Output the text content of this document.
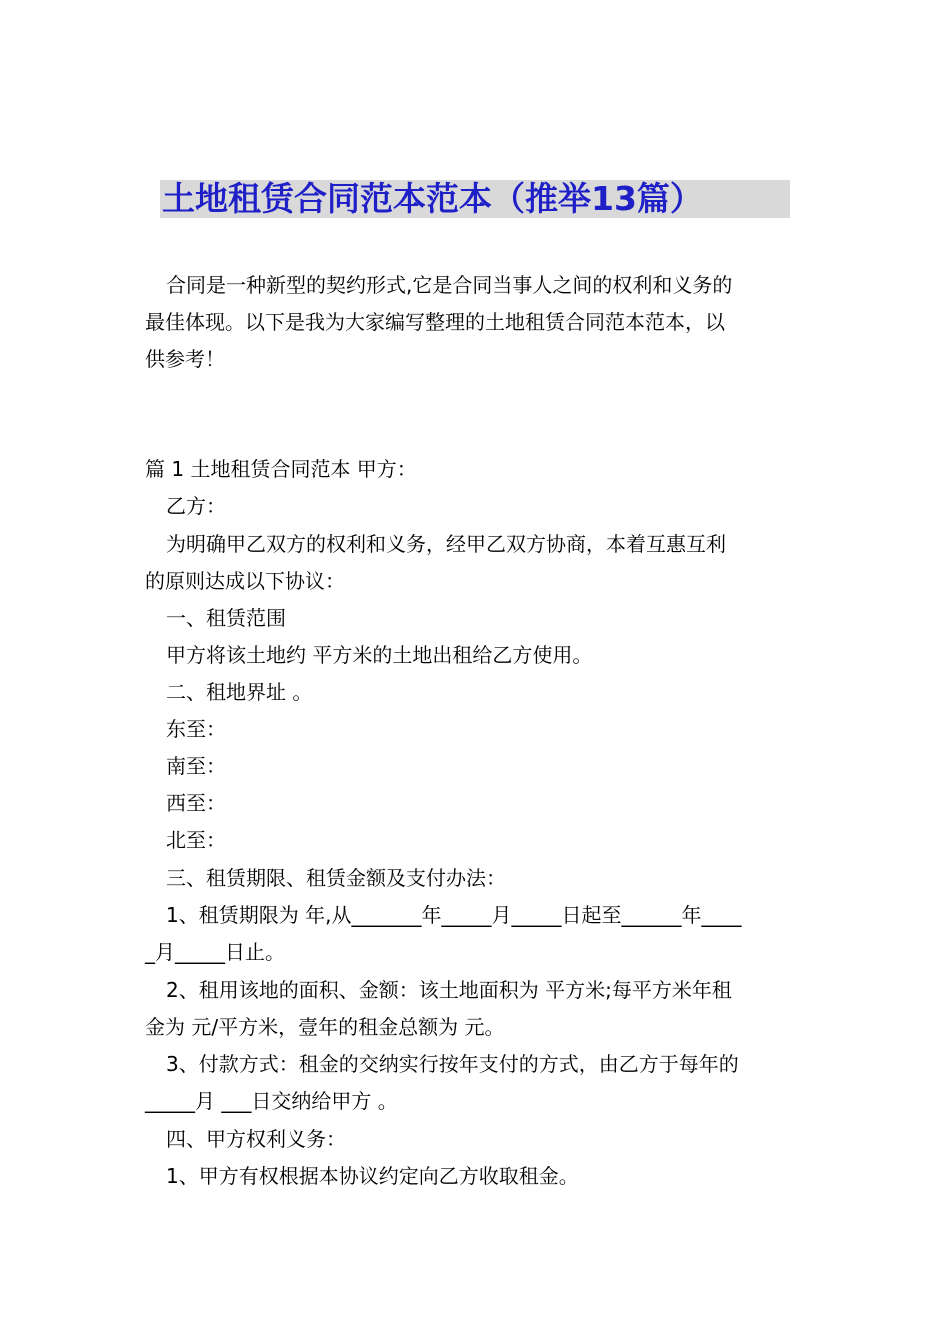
土地租赁合同范本范本（推举13篇）
合同是一种新型的契约形式,它是合同当事人之间的权利和义务的
最佳体现。以下是我为大家编写整理的土地租赁合同范本范本，以
供参考！
篇 1 土地租赁合同范本 甲方：
乙方：
为明确甲乙双方的权利和义务，经甲乙双方协商，本着互惠互利
的原则达成以下协议：
一、租赁范围
甲方将该土地约 平方米的土地出租给乙方使用。
二、租地界址 。
东至：
南至：
西至：
北至：
三、租赁期限、租赁金额及支付办法：
1、租赁期限为 年,从_______年_____月_____日起至______年____
_月_____日止。
2、租用该地的面积、金额：该土地面积为 平方米;每平方米年租
金为 元/平方米，壹年的租金总额为 元。
3、付款方式：租金的交纳实行按年支付的方式，由乙方于每年的
_____月 ___日交纳给甲方 。
四、甲方权利义务：
1、甲方有权根据本协议约定向乙方收取租金。
